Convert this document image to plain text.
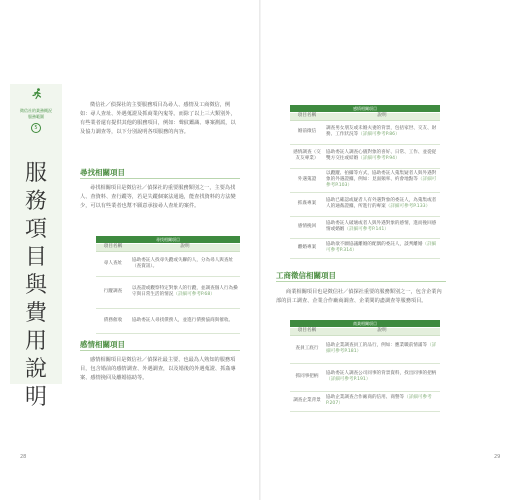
徵信社的業務概況
服務範圍
5
服
務
項
目
與
費
用
說
明

徵信社／偵探社的主要服務項目為尋人、感情及工商徵信，例如：尋人查址、外遇蒐證及抓商業內鬼等。而除了以上三大類別外，有些業者還有提供其他的服務項目，例如：聲紋鑑識、專案測謊，以及協力調查等，以下分別說明各項服務的內容。

尋找相關項目

尋找相關項目是徵信社／偵探社的重要服務類別之一，主要為找人、查資料、查行蹤等，若是失蹤個案法通過，能查找資料的方法變少，可以有些業者也幫不願意承接尋人查址的案件。

尋找相關項目
項目名稱	說明
尋人查址	協助委託人找尋失蹤或失聯的人，分為尋人與查址（查資訊）。
行蹤調查	以查證或觀察特定對象人的行蹤，並調查個人行為操守與日常生活的情況（詳細可參考P.68）
債務催收	協助委託人尋找債務人，並進行債務協商與催收。
感情相關項目

感情相關項目是徵信社／偵探社最主要、也最為人熟知的服務項目，包含婚前的感情調查、外遇調查，以及婚後的外遇蒐證、抓姦專案、感情挽回及離婚協助等。

28
感情相關項目
項目名稱	說明
婚前徵信	調查男女朋友或未婚夫妻的背景，包括家世、交友、財務、工作狀況等（詳細可參考P.86）
感情調查（交友友專業）	協助委託人調查心儀對象的喜好、日常、工作、並從從雙方交往或結婚（詳細可參考P.94）
外遇蒐證	以蹤蹤、拍攝等方式，協助委託人蒐集疑者人與外遇對象的外遇證據，例如：見面頻率、約會地點等（詳細可參考P.103）
抓姦專案	協助已確認或疑者人有外遇對象的委託人，為蒐集或者人的通姦證據，所進行的專案（詳細可參考P.133）
感情挽回	協助委託人破壞或者人與外遇對象的感情，進而挽回感情或婚姻（詳細可參考P.141）
離婚專案	協助欲不願協議離婚的配偶的委託人，談判離婚（詳細可參考P.314）
工商徵信相關項目

商業相關項目也是徵信社／偵探社重要的服務類別之一，包含企業內部的員工調查、企業合作廠商調查、企業間的盡調查等服務項目。

商業相關項目
項目名稱	說明
查員工底行	協助企業調查員工的品行，例如：應業職前情滿等（詳細可參考P.181）
抓同事把柄	協助委託人調查公司同事的背景資料，找出同事的把柄（詳細可參考P.191）
調查企業背景	協助企業調查合作廠商的信用、商譽等（詳細可參考P.207）
29
